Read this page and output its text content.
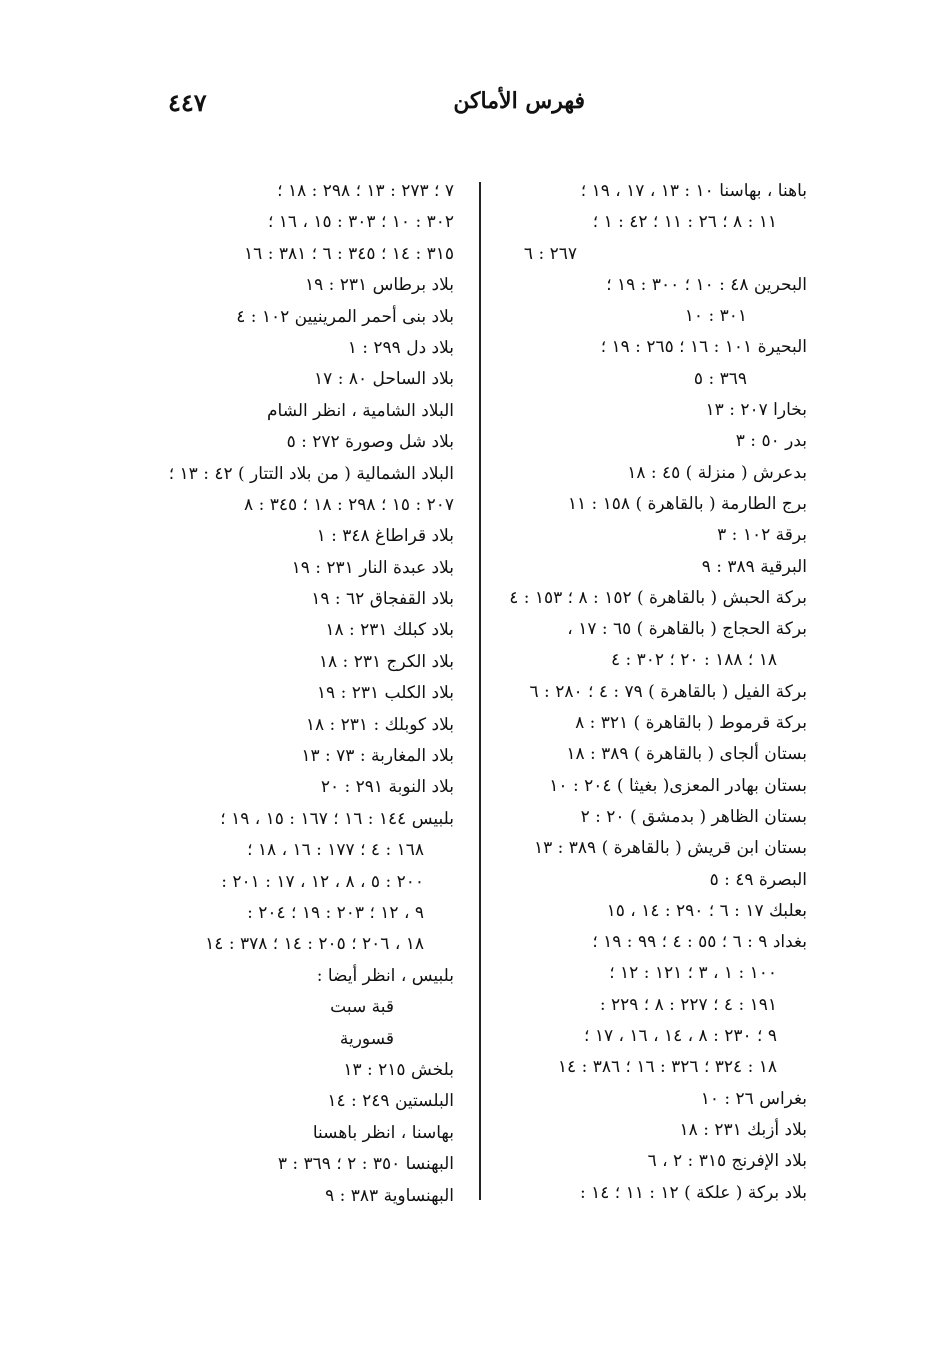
فهرس الأماكن
٤٤٧
باهنا ، بهاسنا ١٠ : ١٣ ، ١٧ ، ١٩ ؛
١١ : ٨ ؛ ٢٦ : ١١ ؛ ٤٢ : ١ ؛
٢٦٧ : ٦
البحرين ٤٨ : ١٠ ؛ ٣٠٠ : ١٩ ؛
٣٠١ : ١٠
البحيرة ١٠١ : ١٦ ؛ ٢٦٥ : ١٩ ؛
٣٦٩ : ٥
بخارا ٢٠٧ : ١٣
بدر ٥٠ : ٣
بدعرش ( منزلة ) ٤٥ : ١٨
برج الطارمة ( بالقاهرة ) ١٥٨ : ١١
برقة ١٠٢ : ٣
البرقية ٣٨٩ : ٩
بركة الحبش ( بالقاهرة ) ١٥٢ : ٨ ؛ ١٥٣ : ٤
بركة الحجاج ( بالقاهرة ) ٦٥ : ١٧ ،
١٨ ؛ ١٨٨ : ٢٠ ؛ ٣٠٢ : ٤
بركة الفيل ( بالقاهرة ) ٧٩ : ٤ ؛ ٢٨٠ : ٦
بركة قرموط ( بالقاهرة ) ٣٢١ : ٨
بستان ألجاى ( بالقاهرة ) ٣٨٩ : ١٨
بستان بهادر المعزى( بغيثا ) ٢٠٤ : ١٠
بستان الظاهر ( بدمشق ) ٢٠ : ٢
بستان ابن قريش ( بالقاهرة ) ٣٨٩ : ١٣
البصرة ٤٩ : ٥
بعلبك ١٧ : ٦ ؛ ٢٩٠ : ١٤ ، ١٥
بغداد ٩ : ٦ ؛ ٥٥ : ٤ ؛ ٩٩ : ١٩ ؛
١٠٠ : ١ ، ٣ ؛ ١٢١ : ١٢ ؛
١٩١ : ٤ ؛ ٢٢٧ : ٨ ؛ ٢٢٩ :
٩ ؛ ٢٣٠ : ٨ ، ١٤ ، ١٦ ، ١٧ ؛
١٨ : ٣٢٤ ؛ ٣٢٦ : ١٦ ؛ ٣٨٦ : ١٤
بغراس ٢٦ : ١٠
بلاد أزبك ٢٣١ : ١٨
بلاد الإفرنج ٣١٥ : ٢ ، ٦
بلاد بركة ( علكة ) ١٢ : ١١ ؛ ١٤ :
٧ ؛ ٢٧٣ : ١٣ ؛ ٢٩٨ : ١٨ ؛
٣٠٢ : ١٠ ؛ ٣٠٣ : ١٥ ، ١٦ ؛
٣١٥ : ١٤ ؛ ٣٤٥ : ٦ ؛ ٣٨١ : ١٦
بلاد برطاس ٢٣١ : ١٩
بلاد بنى أحمر المرينيين ١٠٢ : ٤
بلاد دل ٢٩٩ : ١
بلاد الساحل ٨٠ : ١٧
البلاد الشامية ، انظر الشام
بلاد شل وصورة ٢٧٢ : ٥
البلاد الشمالية ( من بلاد التتار ) ٤٢ : ١٣ ؛
٢٠٧ : ١٥ ؛ ٢٩٨ : ١٨ ؛ ٣٤٥ : ٨
بلاد قراطاغ ٣٤٨ : ١
بلاد عبدة النار ٢٣١ : ١٩
بلاد القفجاق ٦٢ : ١٩
بلاد كبلك ٢٣١ : ١٨
بلاد الكرج ٢٣١ : ١٨
بلاد الكلب ٢٣١ : ١٩
بلاد كوبلك : ٢٣١ : ١٨
بلاد المغاربة : ٧٣ : ١٣
بلاد النوبة ٢٩١ : ٢٠
بلبيس ١٤٤ : ١٦ ؛ ١٦٧ : ١٥ ، ١٩ ؛
١٦٨ : ٤ ؛ ١٧٧ : ١٦ ، ١٨ ؛
٢٠٠ : ٥ ، ٨ ، ١٢ ، ١٧ : ٢٠١ :
٩ ، ١٢ ؛ ٢٠٣ : ١٩ ؛ ٢٠٤ :
١٨ ، ٢٠٦ ؛ ٢٠٥ : ١٤ ؛ ٣٧٨ : ١٤
بلبيس ، انظر أيضا :
قبة سبت
قسورية
بلخش ٢١٥ : ١٣
البلستين ٢٤٩ : ١٤
بهاسنا ، انظر باهسنا
البهنسا ٣٥٠ : ٢ ؛ ٣٦٩ : ٣
البهنساوية ٣٨٣ : ٩
